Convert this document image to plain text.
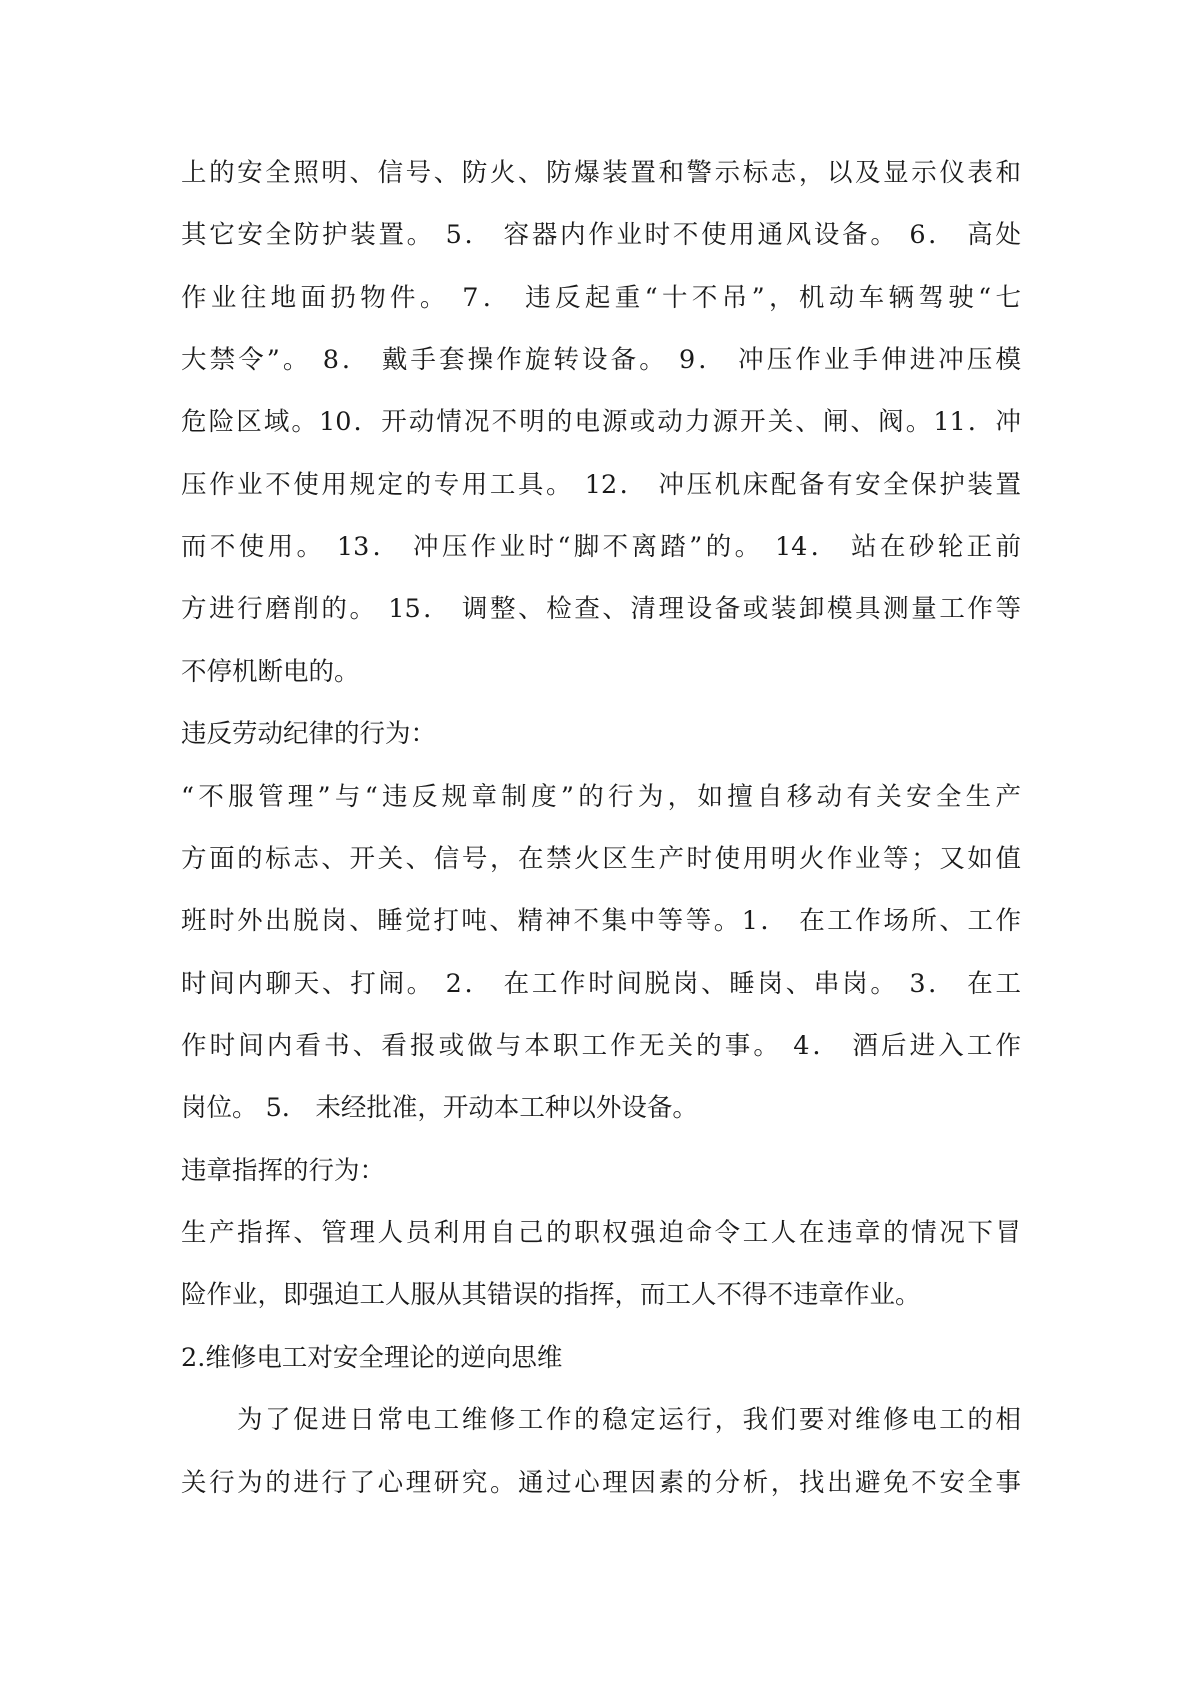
上的安全照明、信号、防火、防爆装置和警示标志，以及显示仪表和
其它安全防护装置。 5． 容器内作业时不使用通风设备。 6． 高处
作业往地面扔物件。 7． 违反起重“十不吊”，机动车辆驾驶“七
大禁令”。 8． 戴手套操作旋转设备。 9． 冲压作业手伸进冲压模
危险区域。10．开动情况不明的电源或动力源开关、闸、阀。11．冲
压作业不使用规定的专用工具。 12． 冲压机床配备有安全保护装置
而不使用。 13． 冲压作业时“脚不离踏”的。 14． 站在砂轮正前
方进行磨削的。 15． 调整、检查、清理设备或装卸模具测量工作等
不停机断电的。
违反劳动纪律的行为：
“不服管理”与“违反规章制度”的行为，如擅自移动有关安全生产
方面的标志、开关、信号，在禁火区生产时使用明火作业等；又如值
班时外出脱岗、睡觉打吨、精神不集中等等。1． 在工作场所、工作
时间内聊天、打闹。 2． 在工作时间脱岗、睡岗、串岗。 3． 在工
作时间内看书、看报或做与本职工作无关的事。 4． 酒后进入工作
岗位。 5． 未经批准，开动本工种以外设备。
违章指挥的行为：
生产指挥、管理人员利用自己的职权强迫命令工人在违章的情况下冒
险作业，即强迫工人服从其错误的指挥，而工人不得不违章作业。
2.维修电工对安全理论的逆向思维
为了促进日常电工维修工作的稳定运行，我们要对维修电工的相
关行为的进行了心理研究。通过心理因素的分析，找出避免不安全事
